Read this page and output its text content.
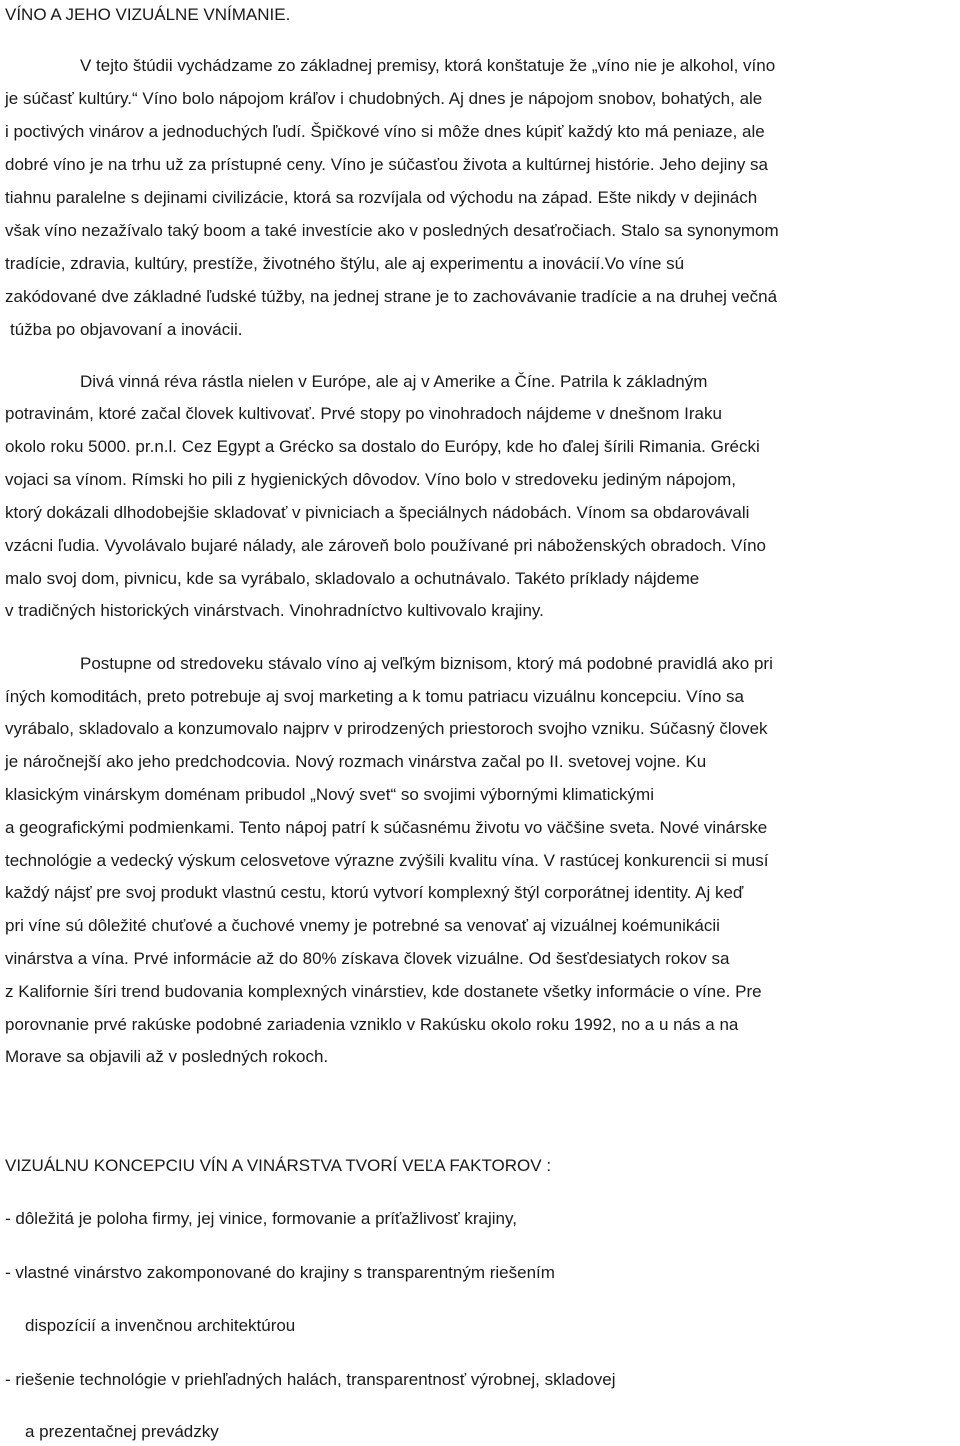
VÍNO A JEHO VIZUÁLNE VNÍMANIE.
V tejto štúdii vychádzame zo základnej premisy, ktorá konštatuje že „víno nie je alkohol, víno
je súčasť kultúry.“ Víno bolo nápojom kráľov i chudobných. Aj dnes je nápojom snobov, bohatých, ale
i poctivých vinárov a jednoduchých ľudí. Špičkové víno si môže dnes kúpiť každý kto má peniaze, ale
dobré víno je na trhu už za prístupné ceny. Víno je súčasťou života a kultúrnej histórie. Jeho dejiny sa
tiahnu paralelne s dejinami civilizácie, ktorá sa rozvíjala od východu na západ. Ešte nikdy v dejinách
však víno nezažívalo taký boom a také investície ako v posledných desaťročiach. Stalo sa synonymom
tradície, zdravia, kultúry, prestíže, životného štýlu, ale aj experimentu a inovácií.Vo víne sú
zakódované dve základné ľudské túžby, na jednej strane je to zachovávanie tradície a na druhej večná
túžba po objavovaní a inovácii.
Divá vinná réva rástla nielen v Európe, ale aj v Amerike a Číne. Patrila k základným
potravinám, ktoré začal človek kultivovať. Prvé stopy po vinohradoch nájdeme v dnešnom Iraku
okolo roku 5000. pr.n.l. Cez Egypt a Grécko sa dostalo do Európy, kde ho ďalej šírili Rimania. Grécki
vojaci sa vínom. Rímski ho pili z hygienických dôvodov. Víno bolo v stredoveku jediným nápojom,
ktorý dokázali dlhodobejšie skladovať v pivniciach a špeciálnych nádobách. Vínom sa obdarovávali
vzácni ľudia. Vyvolávalo bujaré nálady, ale zároveň bolo používané pri náboženských obradoch. Víno
malo svoj dom, pivnicu, kde sa vyrábalo, skladovalo a ochutnávalo. Takéto príklady nájdeme
v tradičných historických vinárstvach. Vinohradníctvo kultivovalo krajiny.
Postupne od stredoveku stávalo víno aj veľkým biznisom, ktorý má podobné pravidlá ako pri
íných komoditách, preto potrebuje aj svoj marketing a k tomu patriacu vizuálnu koncepciu. Víno sa
vyrábalo, skladovalo a konzumovalo najprv v prirodzených priestoroch svojho vzniku. Súčasný človek
je náročnejší ako jeho predchodcovia. Nový rozmach vinárstva začal po II. svetovej vojne. Ku
klasickým vinárskym doménam pribudol „Nový svet“ so svojimi výbornými klimatickými
a geografickými podmienkami. Tento nápoj patrí k súčasnému životu vo väčšine sveta. Nové vinárske
technológie a vedecký výskum celosvetove výrazne zvýšili kvalitu vína. V rastúcej konkurencii si musí
každý nájsť pre svoj produkt vlastnú cestu, ktorú vytvorí komplexný štýl corporátnej identity. Aj keď
pri víne sú dôležité chuťové a čuchové vnemy je potrebné sa venovať aj vizuálnej koémunikácii
vinárstva a vína. Prvé informácie až do 80% získava človek vizuálne. Od šesťdesiatych rokov sa
z Kalifornie šíri trend budovania komplexných vinárstiev, kde dostanete všetky informácie o víne. Pre
porovnanie prvé rakúske podobné zariadenia vzniklo v Rakúsku okolo roku 1992, no a u nás a na
Morave sa objavili až v posledných rokoch.
VIZUÁLNU KONCEPCIU VÍN A VINÁRSTVA TVORÍ VEĽA FAKTOROV :
- dôležitá je poloha firmy, jej vinice, formovanie a príťažlivosť krajiny,
- vlastné vinárstvo zakomponované do krajiny s transparentným riešením
dispozícií a invenčnou architektúrou
- riešenie technológie v priehľadných halách, transparentnosť výrobnej, skladovej
a prezentačnej prevádzky
